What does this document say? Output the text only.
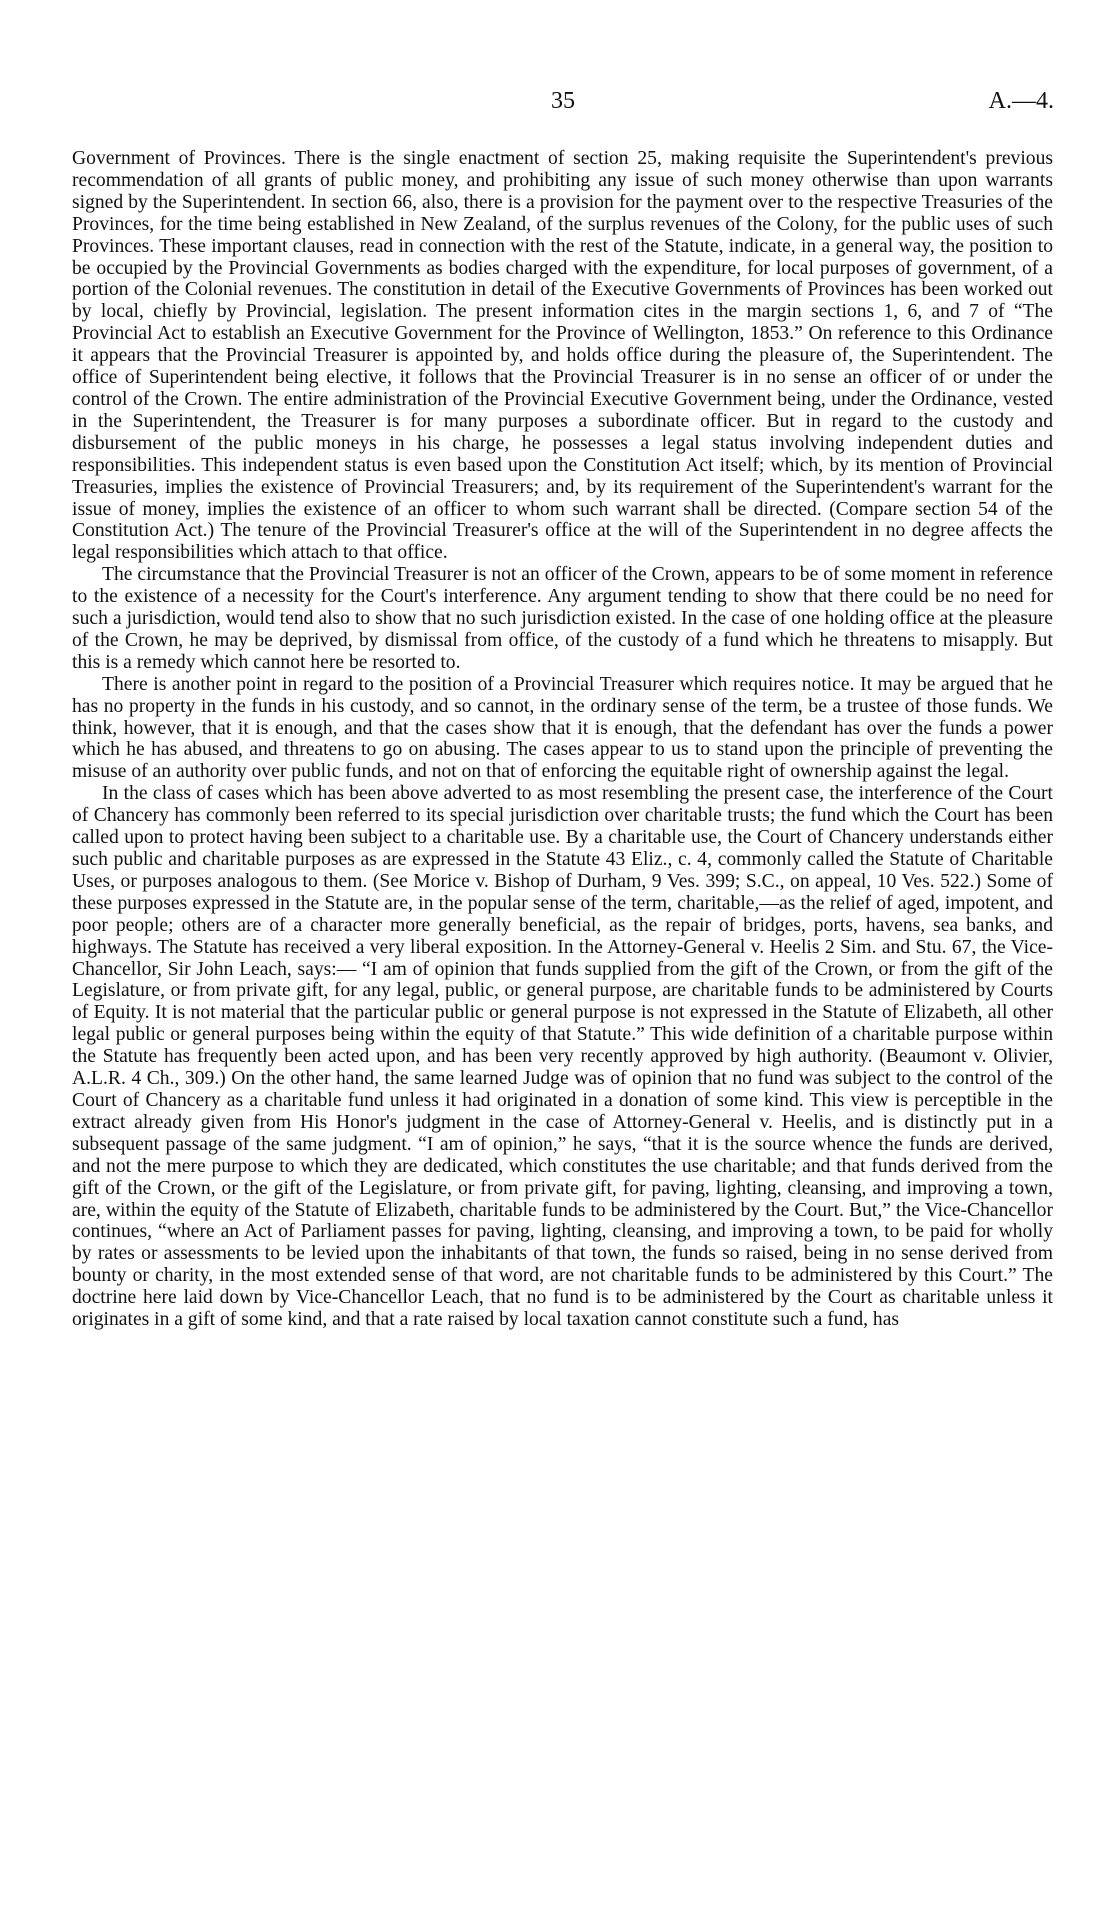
35	A.—4.

Government of Provinces. There is the single enactment of section 25, making requisite the Superintendent's previous recommendation of all grants of public money, and prohibiting any issue of such money otherwise than upon warrants signed by the Superintendent. In section 66, also, there is a provision for the payment over to the respective Treasuries of the Provinces, for the time being established in New Zealand, of the surplus revenues of the Colony, for the public uses of such Provinces. These important clauses, read in connection with the rest of the Statute, indicate, in a general way, the position to be occupied by the Provincial Governments as bodies charged with the expenditure, for local purposes of government, of a portion of the Colonial revenues. The constitution in detail of the Executive Governments of Provinces has been worked out by local, chiefly by Provincial, legislation. The present information cites in the margin sections 1, 6, and 7 of “The Provincial Act to establish an Executive Government for the Province of Wellington, 1853.” On reference to this Ordinance it appears that the Provincial Treasurer is appointed by, and holds office during the pleasure of, the Superintendent. The office of Superintendent being elective, it follows that the Provincial Treasurer is in no sense an officer of or under the control of the Crown. The entire administration of the Provincial Executive Government being, under the Ordinance, vested in the Superintendent, the Treasurer is for many purposes a subordinate officer. But in regard to the custody and disbursement of the public moneys in his charge, he possesses a legal status involving independent duties and responsibilities. This independent status is even based upon the Constitution Act itself; which, by its mention of Provincial Treasuries, implies the existence of Provincial Treasurers; and, by its requirement of the Superintendent's warrant for the issue of money, implies the existence of an officer to whom such warrant shall be directed. (Compare section 54 of the Constitution Act.) The tenure of the Provincial Treasurer's office at the will of the Superintendent in no degree affects the legal responsibilities which attach to that office.

The circumstance that the Provincial Treasurer is not an officer of the Crown, appears to be of some moment in reference to the existence of a necessity for the Court's interference. Any argument tending to show that there could be no need for such a jurisdiction, would tend also to show that no such jurisdiction existed. In the case of one holding office at the pleasure of the Crown, he may be deprived, by dismissal from office, of the custody of a fund which he threatens to misapply. But this is a remedy which cannot here be resorted to.

There is another point in regard to the position of a Provincial Treasurer which requires notice. It may be argued that he has no property in the funds in his custody, and so cannot, in the ordinary sense of the term, be a trustee of those funds. We think, however, that it is enough, and that the cases show that it is enough, that the defendant has over the funds a power which he has abused, and threatens to go on abusing. The cases appear to us to stand upon the principle of preventing the misuse of an authority over public funds, and not on that of enforcing the equitable right of ownership against the legal.

In the class of cases which has been above adverted to as most resembling the present case, the interference of the Court of Chancery has commonly been referred to its special jurisdiction over charitable trusts; the fund which the Court has been called upon to protect having been subject to a charitable use. By a charitable use, the Court of Chancery understands either such public and charitable purposes as are expressed in the Statute 43 Eliz., c. 4, commonly called the Statute of Charitable Uses, or purposes analogous to them. (See Morice v. Bishop of Durham, 9 Ves. 399; S.C., on appeal, 10 Ves. 522.) Some of these purposes expressed in the Statute are, in the popular sense of the term, charitable,—as the relief of aged, impotent, and poor people; others are of a character more generally beneficial, as the repair of bridges, ports, havens, sea banks, and highways. The Statute has received a very liberal exposition. In the Attorney-General v. Heelis 2 Sim. and Stu. 67, the Vice-Chancellor, Sir John Leach, says:— “I am of opinion that funds supplied from the gift of the Crown, or from the gift of the Legislature, or from private gift, for any legal, public, or general purpose, are charitable funds to be administered by Courts of Equity. It is not material that the particular public or general purpose is not expressed in the Statute of Elizabeth, all other legal public or general purposes being within the equity of that Statute.” This wide definition of a charitable purpose within the Statute has frequently been acted upon, and has been very recently approved by high authority. (Beaumont v. Olivier, A.L.R. 4 Ch., 309.) On the other hand, the same learned Judge was of opinion that no fund was subject to the control of the Court of Chancery as a charitable fund unless it had originated in a donation of some kind. This view is perceptible in the extract already given from His Honor's judgment in the case of Attorney-General v. Heelis, and is distinctly put in a subsequent passage of the same judgment. “I am of opinion,” he says, “that it is the source whence the funds are derived, and not the mere purpose to which they are dedicated, which constitutes the use charitable; and that funds derived from the gift of the Crown, or the gift of the Legislature, or from private gift, for paving, lighting, cleansing, and improving a town, are, within the equity of the Statute of Elizabeth, charitable funds to be administered by the Court. But,” the Vice-Chancellor continues, “where an Act of Parliament passes for paving, lighting, cleansing, and improving a town, to be paid for wholly by rates or assessments to be levied upon the inhabitants of that town, the funds so raised, being in no sense derived from bounty or charity, in the most extended sense of that word, are not charitable funds to be administered by this Court.” The doctrine here laid down by Vice-Chancellor Leach, that no fund is to be administered by the Court as charitable unless it originates in a gift of some kind, and that a rate raised by local taxation cannot constitute such a fund, has
